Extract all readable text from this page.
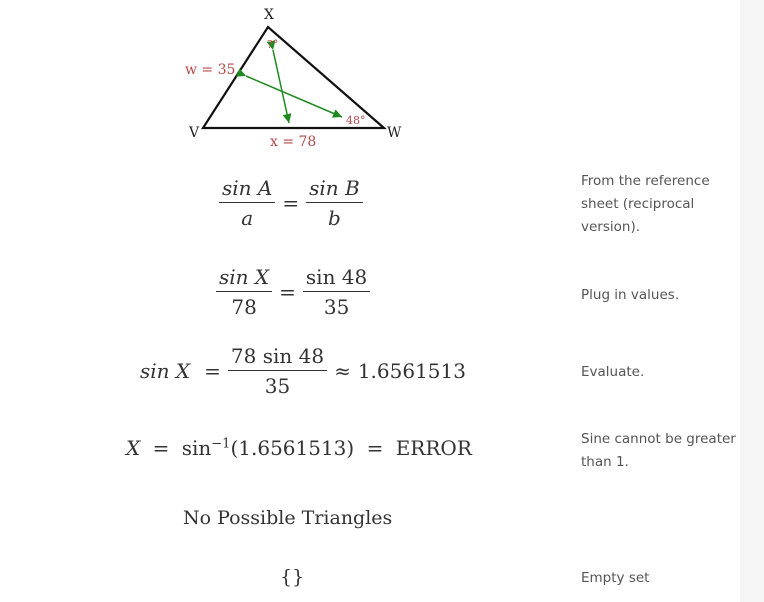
X
V	W
w = 35
x = 78
?°
48°
$\frac{\text{sin A}}{a} = \frac{\text{sin B}}{b}$	From the reference sheet (reciprocal version).
$\frac{\text{sin X}}{78} = \frac{\sin 48}{35}$	Plug in values.
$\sin X = \frac{78 \sin 48}{35} \approx 1.6561513$	Evaluate.
$X = \sin^{-1}(1.6561513)$ = ERROR	Sine cannot be greater than 1.
No Possible Triangles
{}	Empty set
